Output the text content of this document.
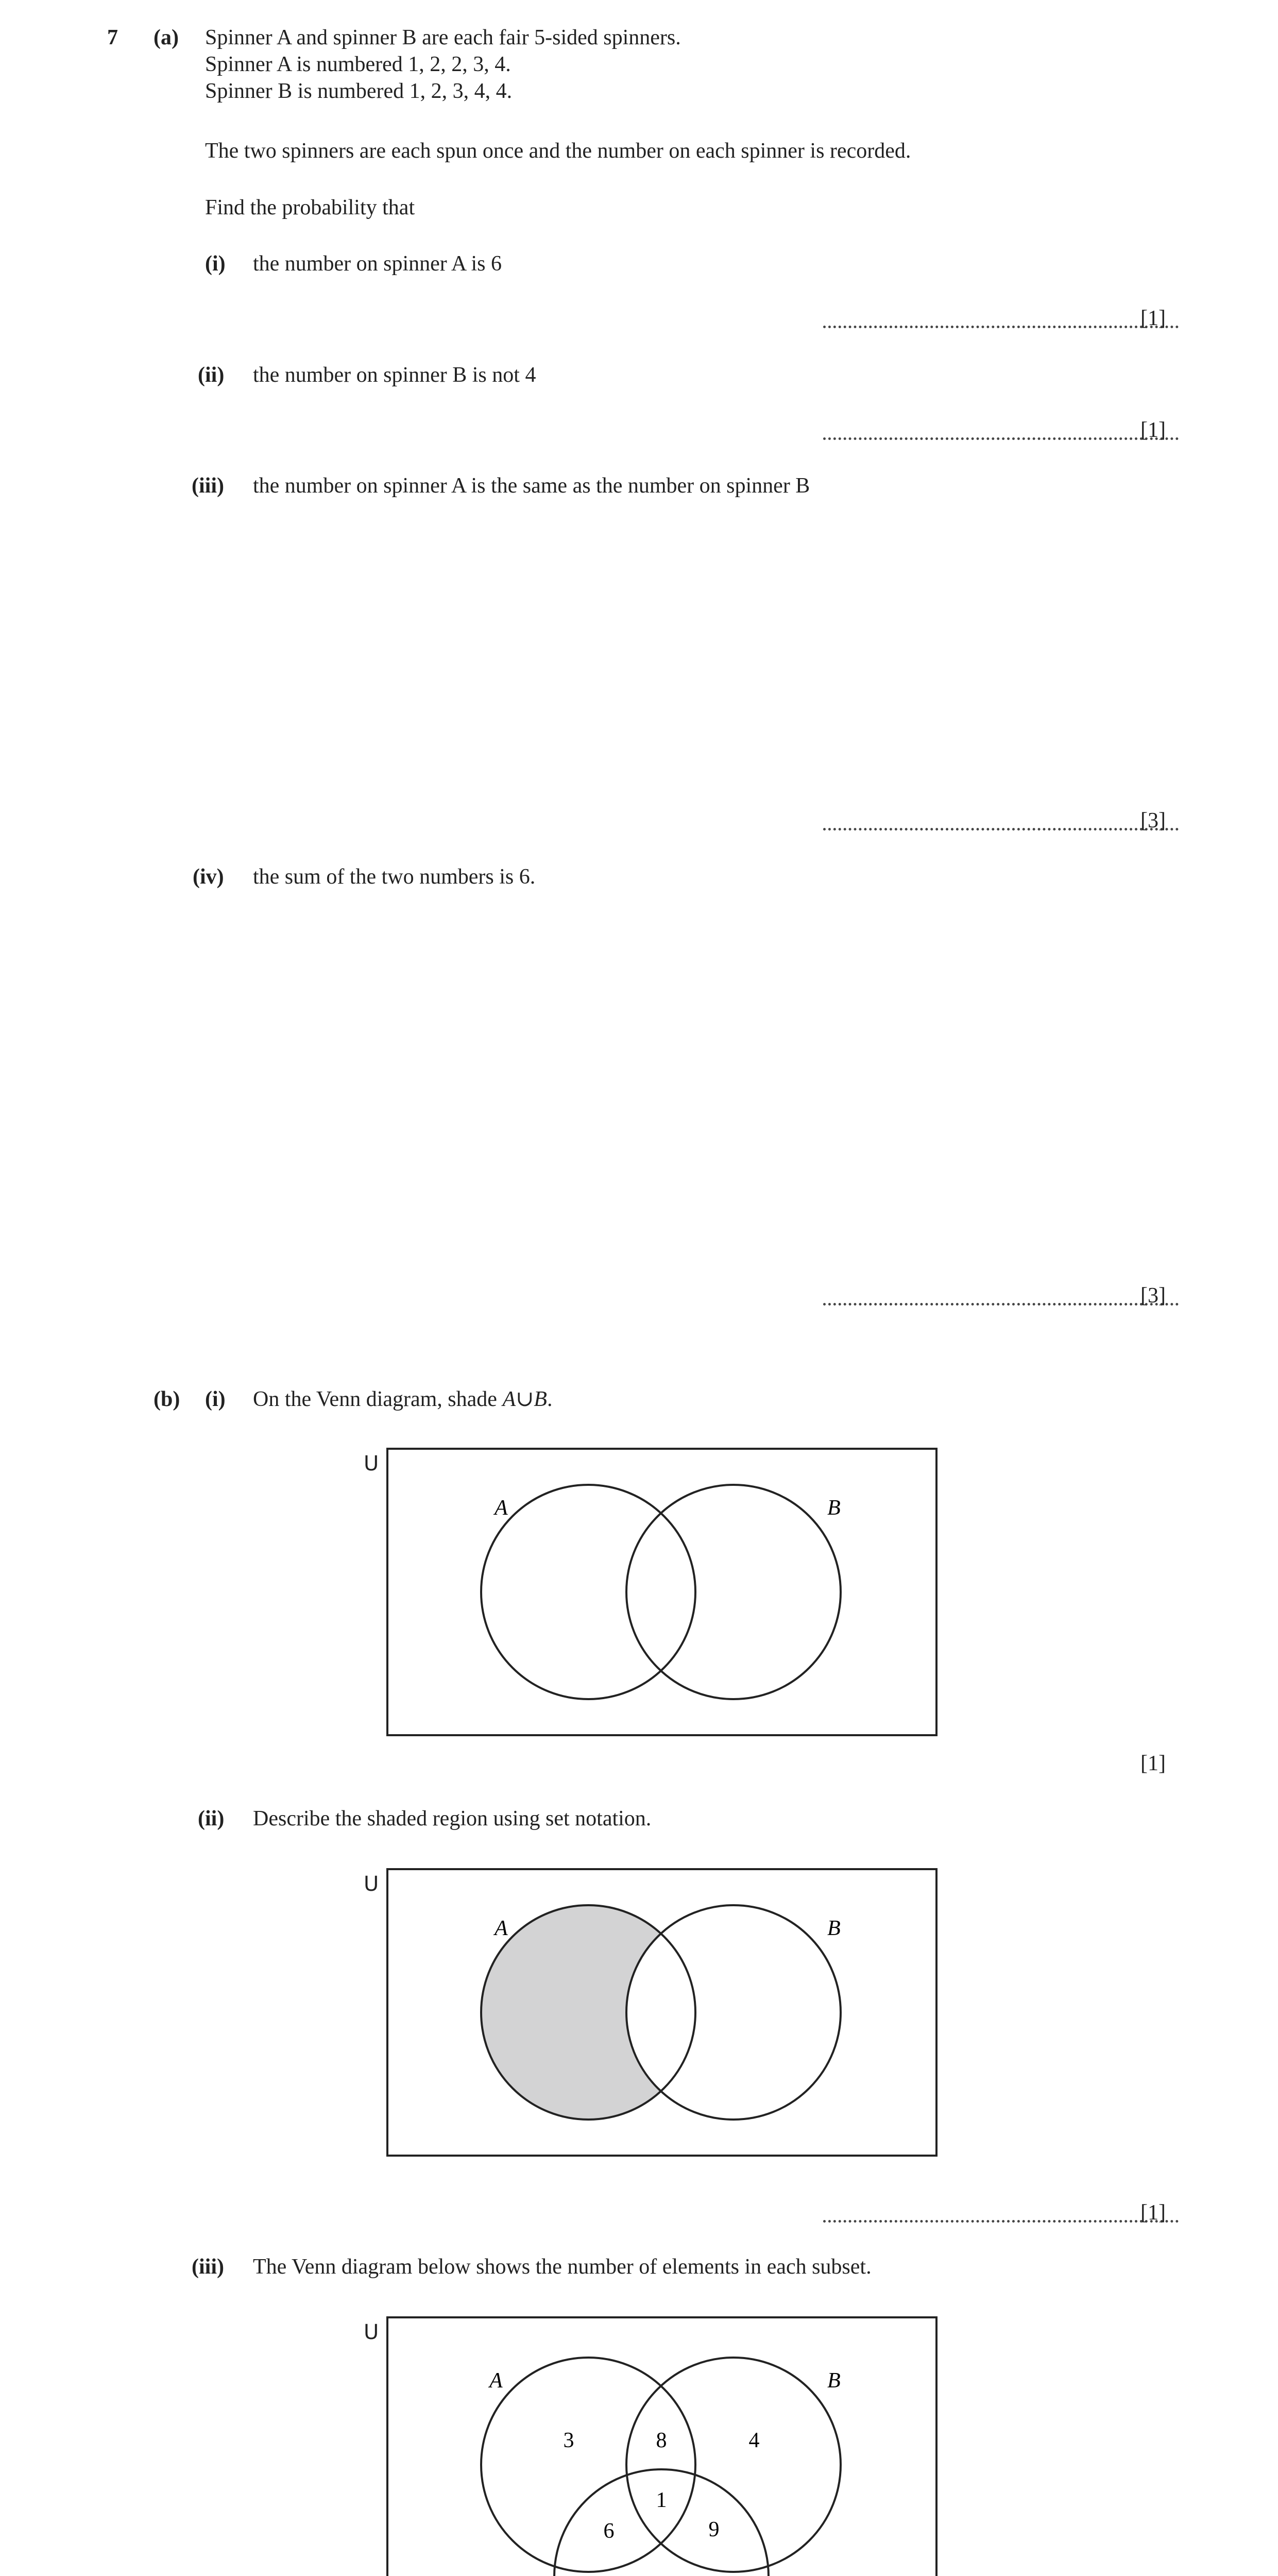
7 (a) Spinner A and spinner B are each fair 5-sided spinners.
Spinner A is numbered 1, 2, 2, 3, 4.
Spinner B is numbered 1, 2, 3, 4, 4.
The two spinners are each spun once and the number on each spinner is recorded.
Find the probability that
(i) the number on spinner A is 6
[1]
(ii) the number on spinner B is not 4
[1]
(iii) the number on spinner A is the same as the number on spinner B
[3]
(iv) the sum of the two numbers is 6.
[3]
(b) (i) On the Venn diagram, shade A∪B.
U
A	B
[1]
(ii) Describe the shaded region using set notation.
U
A	B
[1]
(iii) The Venn diagram below shows the number of elements in each subset.
U
A	B
3	8	4
1
6	9
